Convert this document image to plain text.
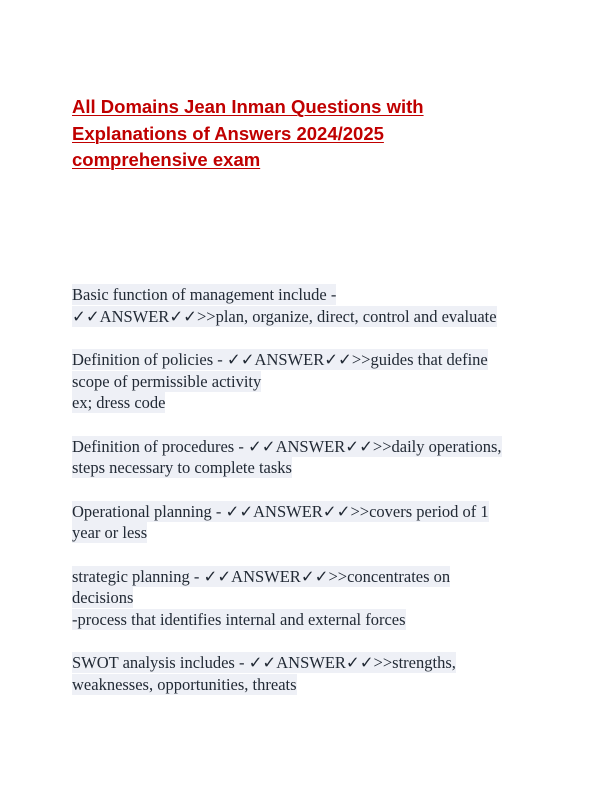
All Domains Jean Inman Questions with
Explanations of Answers 2024/2025
comprehensive exam
Basic function of management include -
✓✓ANSWER✓✓>>plan, organize, direct, control and evaluate
Definition of policies - ✓✓ANSWER✓✓>>guides that define
scope of permissible activity
ex; dress code
Definition of procedures - ✓✓ANSWER✓✓>>daily operations,
steps necessary to complete tasks
Operational planning - ✓✓ANSWER✓✓>>covers period of 1
year or less
strategic planning - ✓✓ANSWER✓✓>>concentrates on
decisions
-process that identifies internal and external forces
SWOT analysis includes - ✓✓ANSWER✓✓>>strengths,
weaknesses, opportunities, threats
